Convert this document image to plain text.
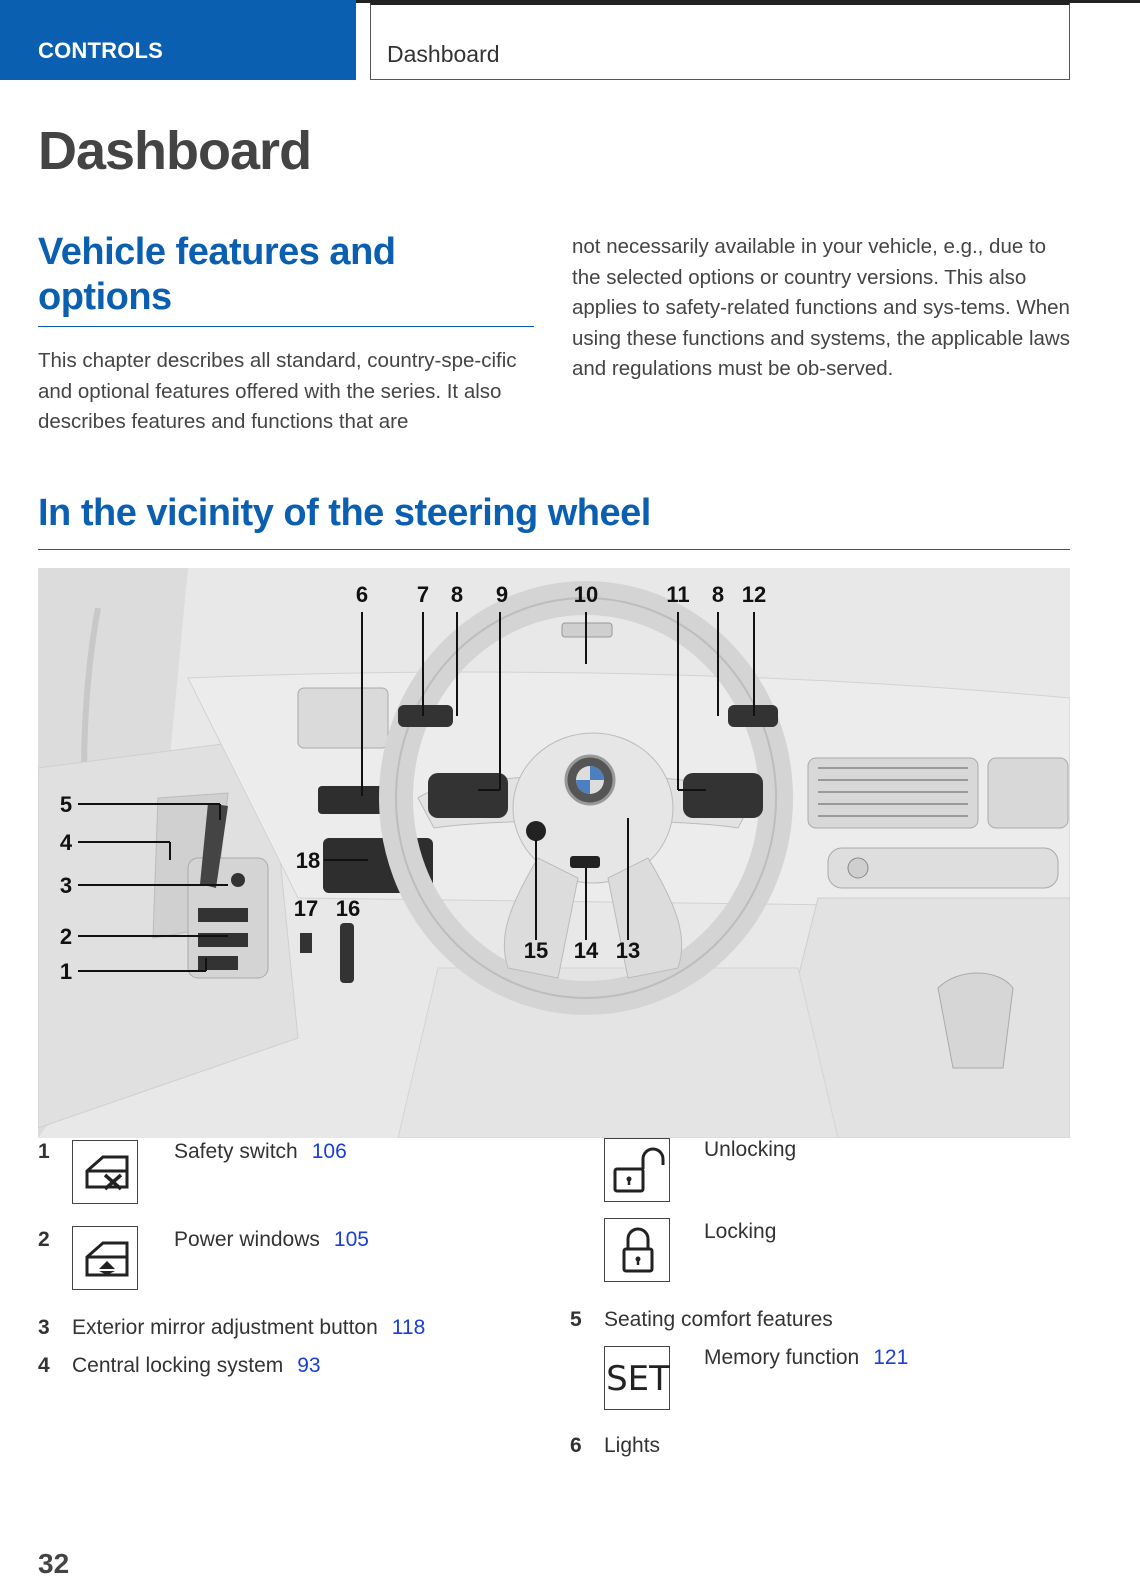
CONTROLS	Dashboard
Dashboard
Vehicle features and options

This chapter describes all standard, country-spe-cific and optional features offered with the series. It also describes features and functions that are

not necessarily available in your vehicle, e.g., due to the selected options or country versions. This also applies to safety-related functions and sys-tems. When using these functions and systems, the applicable laws and regulations must be ob-served.

In the vicinity of the steering wheel
6 7 8 9	10	11 8 12
5
4
3
2
1
18
17 16
15 14 13
1	Safety switch 106
2	Power windows 105
3 Exterior mirror adjustment button 118
4 Central locking system 93
Unlocking
Locking
5 Seating comfort features
SET
Memory function 121
6 Lights
32
